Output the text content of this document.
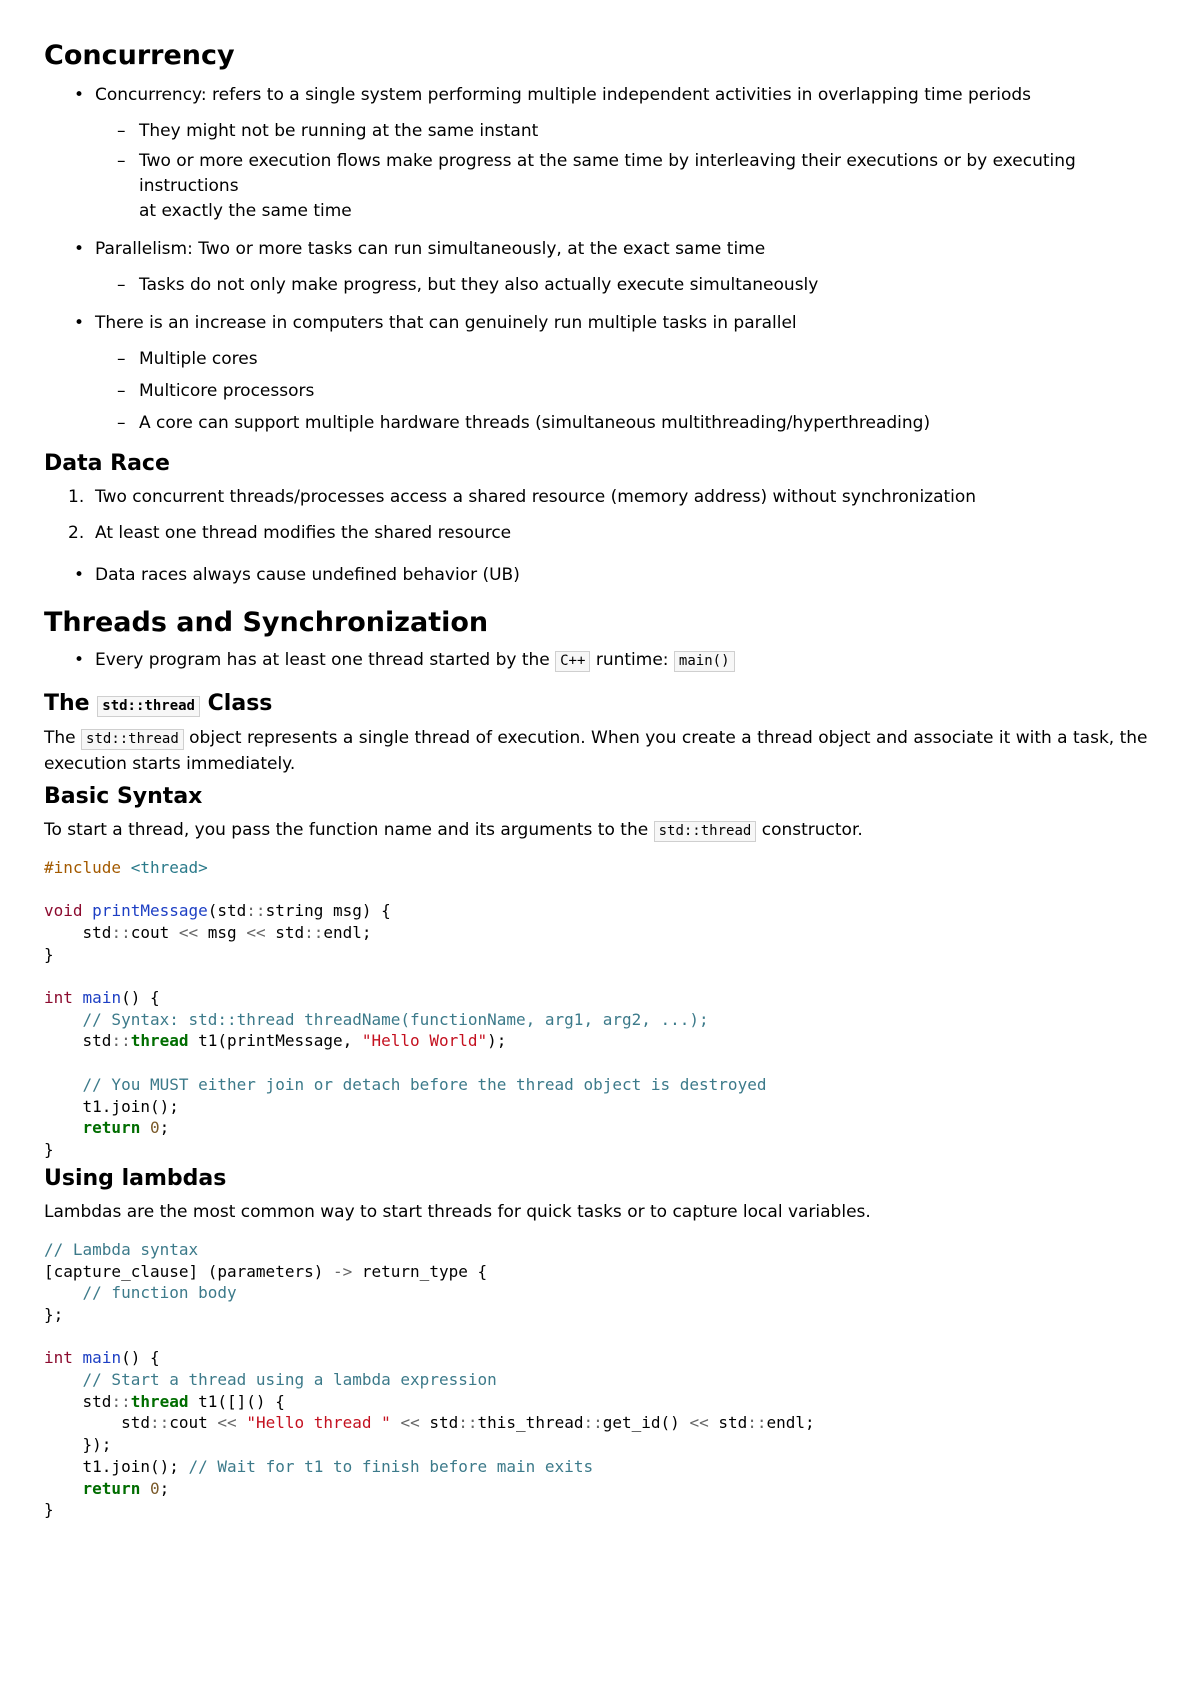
Concurrency
• Concurrency: refers to a single system performing multiple independent activities in overlapping time periods
– They might not be running at the same instant
– Two or more execution flows make progress at the same time by interleaving their executions or by executing instructions
at exactly the same time
• Parallelism: Two or more tasks can run simultaneously, at the exact same time
– Tasks do not only make progress, but they also actually execute simultaneously
• There is an increase in computers that can genuinely run multiple tasks in parallel
– Multiple cores
– Multicore processors
– A core can support multiple hardware threads (simultaneous multithreading/hyperthreading)
Data Race
1. Two concurrent threads/processes access a shared resource (memory address) without synchronization
2. At least one thread modifies the shared resource
• Data races always cause undefined behavior (UB)
Threads and Synchronization
• Every program has at least one thread started by the C++ runtime: main()
The std::thread Class
The std::thread object represents a single thread of execution. When you create a thread object and associate it with a task, the
execution starts immediately.
Basic Syntax
To start a thread, you pass the function name and its arguments to the std::thread constructor.
#include <thread>
void printMessage(std::string msg) {
std::cout << msg << std::endl;
}
int main() {
// Syntax: std::thread threadName(functionName, arg1, arg2, ...);
std::thread t1(printMessage, "Hello World");
// You MUST either join or detach before the thread object is destroyed
t1.join();
return 0;
}
Using lambdas
Lambdas are the most common way to start threads for quick tasks or to capture local variables.
// Lambda syntax
[capture_clause] (parameters) -> return_type {
// function body
};
int main() {
// Start a thread using a lambda expression
std::thread t1([]() {
std::cout << "Hello thread " << std::this_thread::get_id() << std::endl;
});
t1.join(); // Wait for t1 to finish before main exits
return 0;
}
